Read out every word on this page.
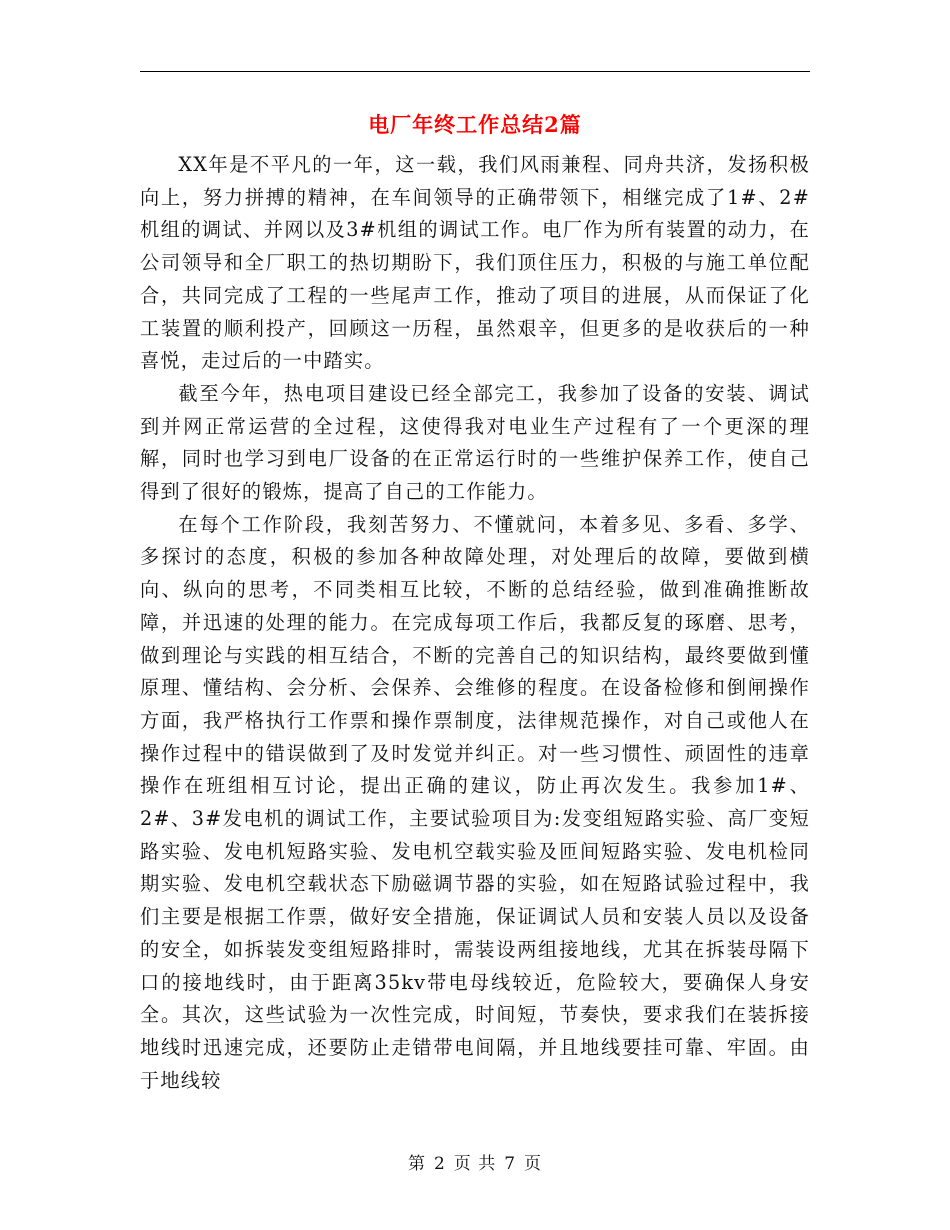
电厂年终工作总结2篇

XX年是不平凡的一年，这一载，我们风雨兼程、同舟共济，发扬积极向上，努力拼搏的精神，在车间领导的正确带领下，相继完成了1#、2#机组的调试、并网以及3#机组的调试工作。电厂作为所有装置的动力，在公司领导和全厂职工的热切期盼下，我们顶住压力，积极的与施工单位配合，共同完成了工程的一些尾声工作，推动了项目的进展，从而保证了化工装置的顺利投产，回顾这一历程，虽然艰辛，但更多的是收获后的一种喜悦，走过后的一中踏实。

截至今年，热电项目建设已经全部完工，我参加了设备的安装、调试到并网正常运营的全过程，这使得我对电业生产过程有了一个更深的理解，同时也学习到电厂设备的在正常运行时的一些维护保养工作，使自己得到了很好的锻炼，提高了自己的工作能力。

在每个工作阶段，我刻苦努力、不懂就问，本着多见、多看、多学、多探讨的态度，积极的参加各种故障处理，对处理后的故障，要做到横向、纵向的思考，不同类相互比较，不断的总结经验，做到准确推断故障，并迅速的处理的能力。在完成每项工作后，我都反复的琢磨、思考，做到理论与实践的相互结合，不断的完善自己的知识结构，最终要做到懂原理、懂结构、会分析、会保养、会维修的程度。在设备检修和倒闸操作方面，我严格执行工作票和操作票制度，法律规范操作，对自己或他人在操作过程中的错误做到了及时发觉并纠正。对一些习惯性、顽固性的违章操作在班组相互讨论，提出正确的建议，防止再次发生。我参加1#、2#、3#发电机的调试工作，主要试验项目为:发变组短路实验、高厂变短路实验、发电机短路实验、发电机空载实验及匝间短路实验、发电机检同期实验、发电机空载状态下励磁调节器的实验，如在短路试验过程中，我们主要是根据工作票，做好安全措施，保证调试人员和安装人员以及设备的安全，如拆装发变组短路排时，需装设两组接地线，尤其在拆装母隔下口的接地线时，由于距离35kv带电母线较近，危险较大，要确保人身安全。其次，这些试验为一次性完成，时间短，节奏快，要求我们在装拆接地线时迅速完成，还要防止走错带电间隔，并且地线要挂可靠、牢固。由于地线较

第 2 页 共 7 页
